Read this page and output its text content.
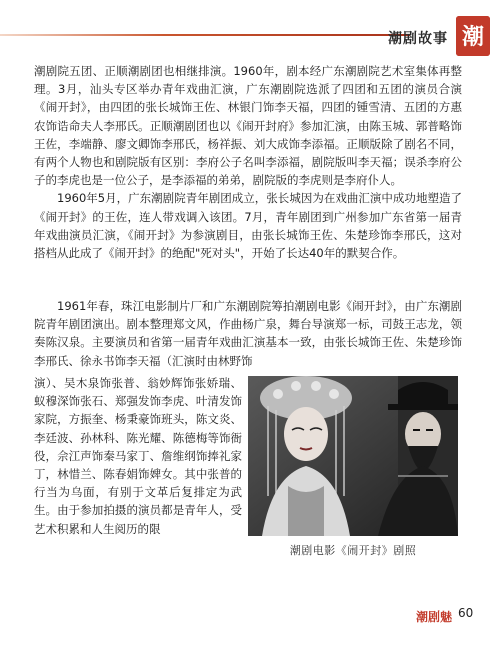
潮剧故事 潮

潮剧院五团、正顺潮剧团也相继排演。1960年，剧本经广东潮剧院艺术室集体再整理。3月，汕头专区举办青年戏曲汇演，广东潮剧院选派了四团和五团的演员合演《闹开封》，由四团的张长城饰王佐、林银门饰李天福，四团的锺雪清、五团的方惠农饰诰命夫人李邢氏。正顺潮剧团也以《闹开封府》参加汇演，由陈玉城、郭普略饰王佐，李端静、廖文卿饰李邢氏，杨祥振、刘大成饰李添福。正顺版除了剧名不同，有两个人物也和剧院版有区别：李府公子名叫李添福，剧院版叫李天福；误杀李府公子的李虎也是一位公子，是李添福的弟弟，剧院版的李虎则是李府仆人。

1960年5月，广东潮剧院青年剧团成立，张长城因为在戏曲汇演中成功地塑造了《闹开封》的王佐，连人带戏调入该团。7月，青年剧团到广州参加广东省第一届青年戏曲演员汇演，《闹开封》为参演剧目，由张长城饰王佐、朱楚珍饰李邢氏，这对搭档从此成了《闹开封》的绝配"死对头"，开始了长达40年的默契合作。

1961年春，珠江电影制片厂和广东潮剧院筹拍潮剧电影《闹开封》，由广东潮剧院青年剧团演出。剧本整理郑文风，作曲杨广泉，舞台导演郑一标，司鼓王志龙，领奏陈汉泉。主要演员和省第一届青年戏曲汇演基本一致，由张长城饰王佐、朱楚珍饰李邢氏、徐永书饰李天福（汇演时由林野饰

演）、吴木泉饰张普、翁妙辉饰张娇瑞、蚁穆深饰张石、郑强发饰李虎、叶清发饰家院，方振奎、杨秉豪饰班头，陈文炎、李廷波、孙林科、陈光耀、陈德梅等饰衙役，佘江声饰秦马家丁、詹维纲饰捧礼家丁，林惜兰、陈春娟饰婢女。其中张普的行当为乌面，有别于文革后复排定为武生。由于参加拍摄的演员都是青年人，受艺术积累和人生阅历的限

潮剧电影《闹开封》剧照
潮剧魅 60
